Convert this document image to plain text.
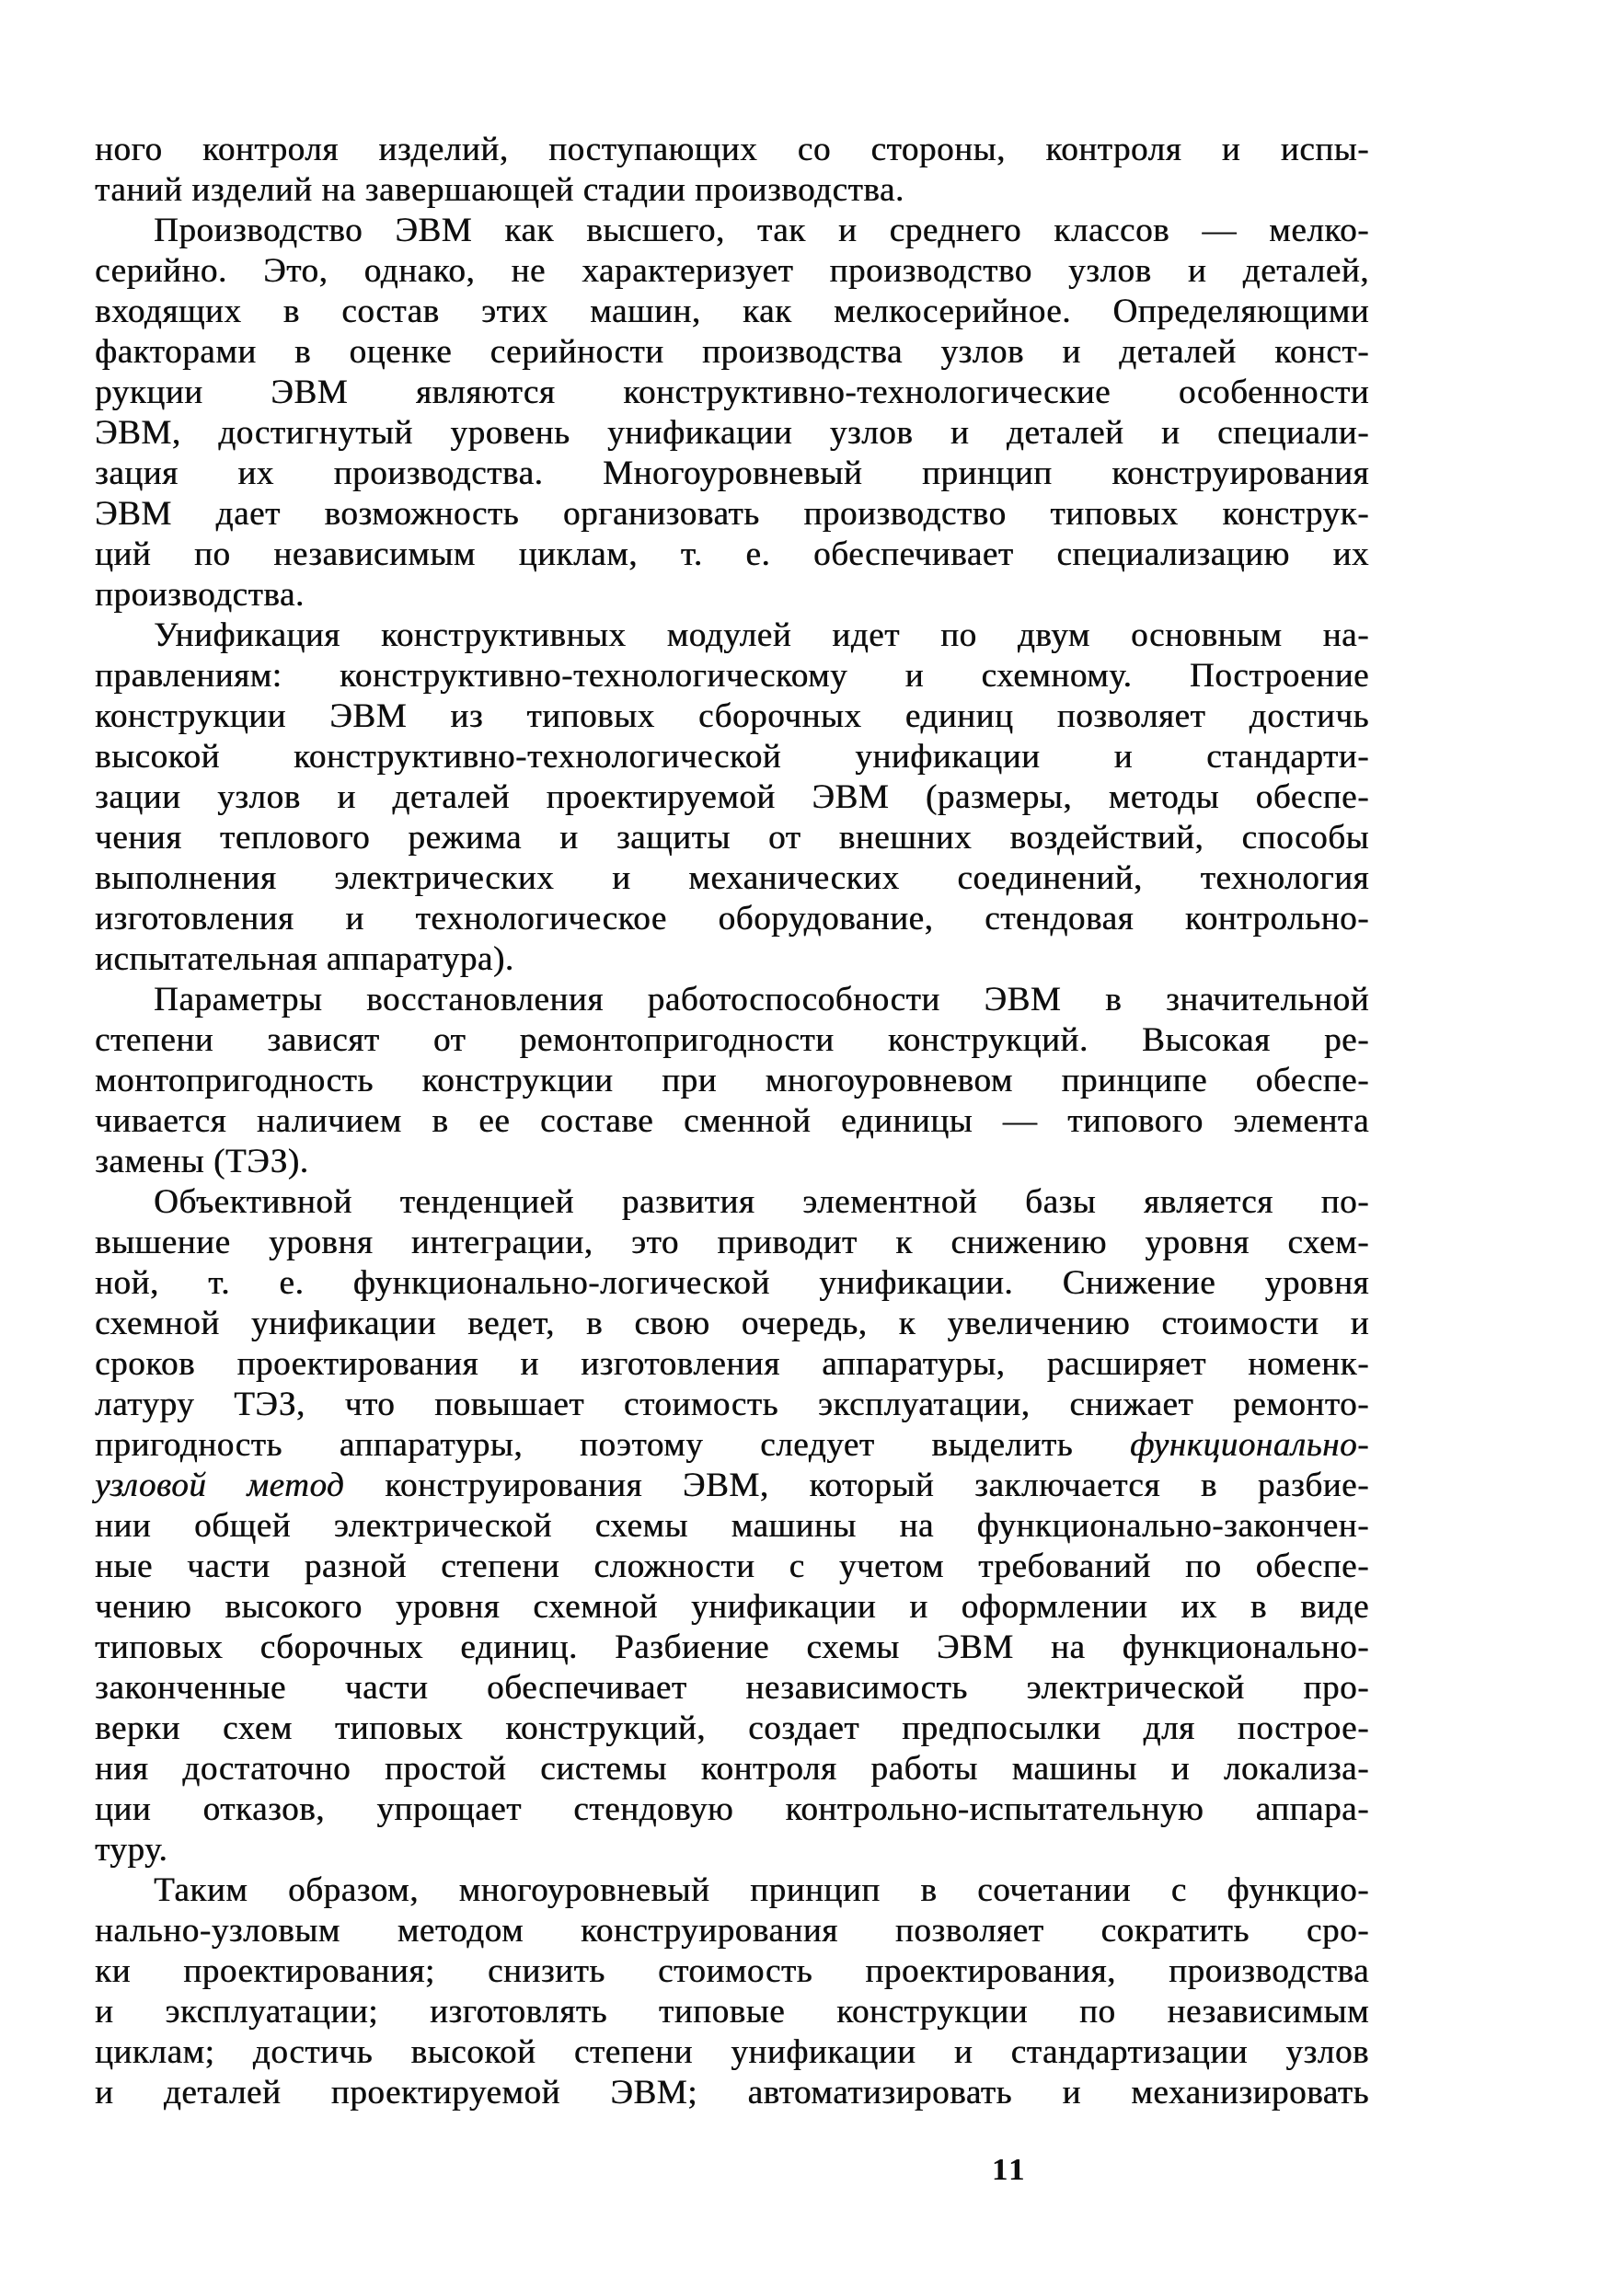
ного контроля изделий, поступающих со стороны, контроля и испы-
таний изделий на завершающей стадии производства.
Производство ЭВМ как высшего, так и среднего классов — мелко-
серийно. Это, однако, не характеризует производство узлов и деталей,
входящих в состав этих машин, как мелкосерийное. Определяющими
факторами в оценке серийности производства узлов и деталей конст-
рукции ЭВМ являются конструктивно-технологические особенности
ЭВМ, достигнутый уровень унификации узлов и деталей и специали-
зация их производства. Многоуровневый принцип конструирования
ЭВМ дает возможность организовать производство типовых конструк-
ций по независимым циклам, т. е. обеспечивает специализацию их
производства.
Унификация конструктивных модулей идет по двум основным на-
правлениям: конструктивно-технологическому и схемному. Построение
конструкции ЭВМ из типовых сборочных единиц позволяет достичь
высокой конструктивно-технологической унификации и стандарти-
зации узлов и деталей проектируемой ЭВМ (размеры, методы обеспе-
чения теплового режима и защиты от внешних воздействий, способы
выполнения электрических и механических соединений, технология
изготовления и технологическое оборудование, стендовая контрольно-
испытательная аппаратура).
Параметры восстановления работоспособности ЭВМ в значительной
степени зависят от ремонтопригодности конструкций. Высокая ре-
монтопригодность конструкции при многоуровневом принципе обеспе-
чивается наличием в ее составе сменной единицы — типового элемента
замены (ТЭЗ).
Объективной тенденцией развития элементной базы является по-
вышение уровня интеграции, это приводит к снижению уровня схем-
ной, т. е. функционально-логической унификации. Снижение уровня
схемной унификации ведет, в свою очередь, к увеличению стоимости и
сроков проектирования и изготовления аппаратуры, расширяет номенк-
латуру ТЭЗ, что повышает стоимость эксплуатации, снижает ремонто-
пригодность аппаратуры, поэтому следует выделить функционально-
узловой метод конструирования ЭВМ, который заключается в разбие-
нии общей электрической схемы машины на функционально-закончен-
ные части разной степени сложности с учетом требований по обеспе-
чению высокого уровня схемной унификации и оформлении их в виде
типовых сборочных единиц. Разбиение схемы ЭВМ на функционально-
законченные части обеспечивает независимость электрической про-
верки схем типовых конструкций, создает предпосылки для построе-
ния достаточно простой системы контроля работы машины и локализа-
ции отказов, упрощает стендовую контрольно-испытательную аппара-
туру.
Таким образом, многоуровневый принцип в сочетании с функцио-
нально-узловым методом конструирования позволяет сократить сро-
ки проектирования; снизить стоимость проектирования, производства
и эксплуатации; изготовлять типовые конструкции по независимым
циклам; достичь высокой степени унификации и стандартизации узлов
и деталей проектируемой ЭВМ; автоматизировать и механизировать
11
